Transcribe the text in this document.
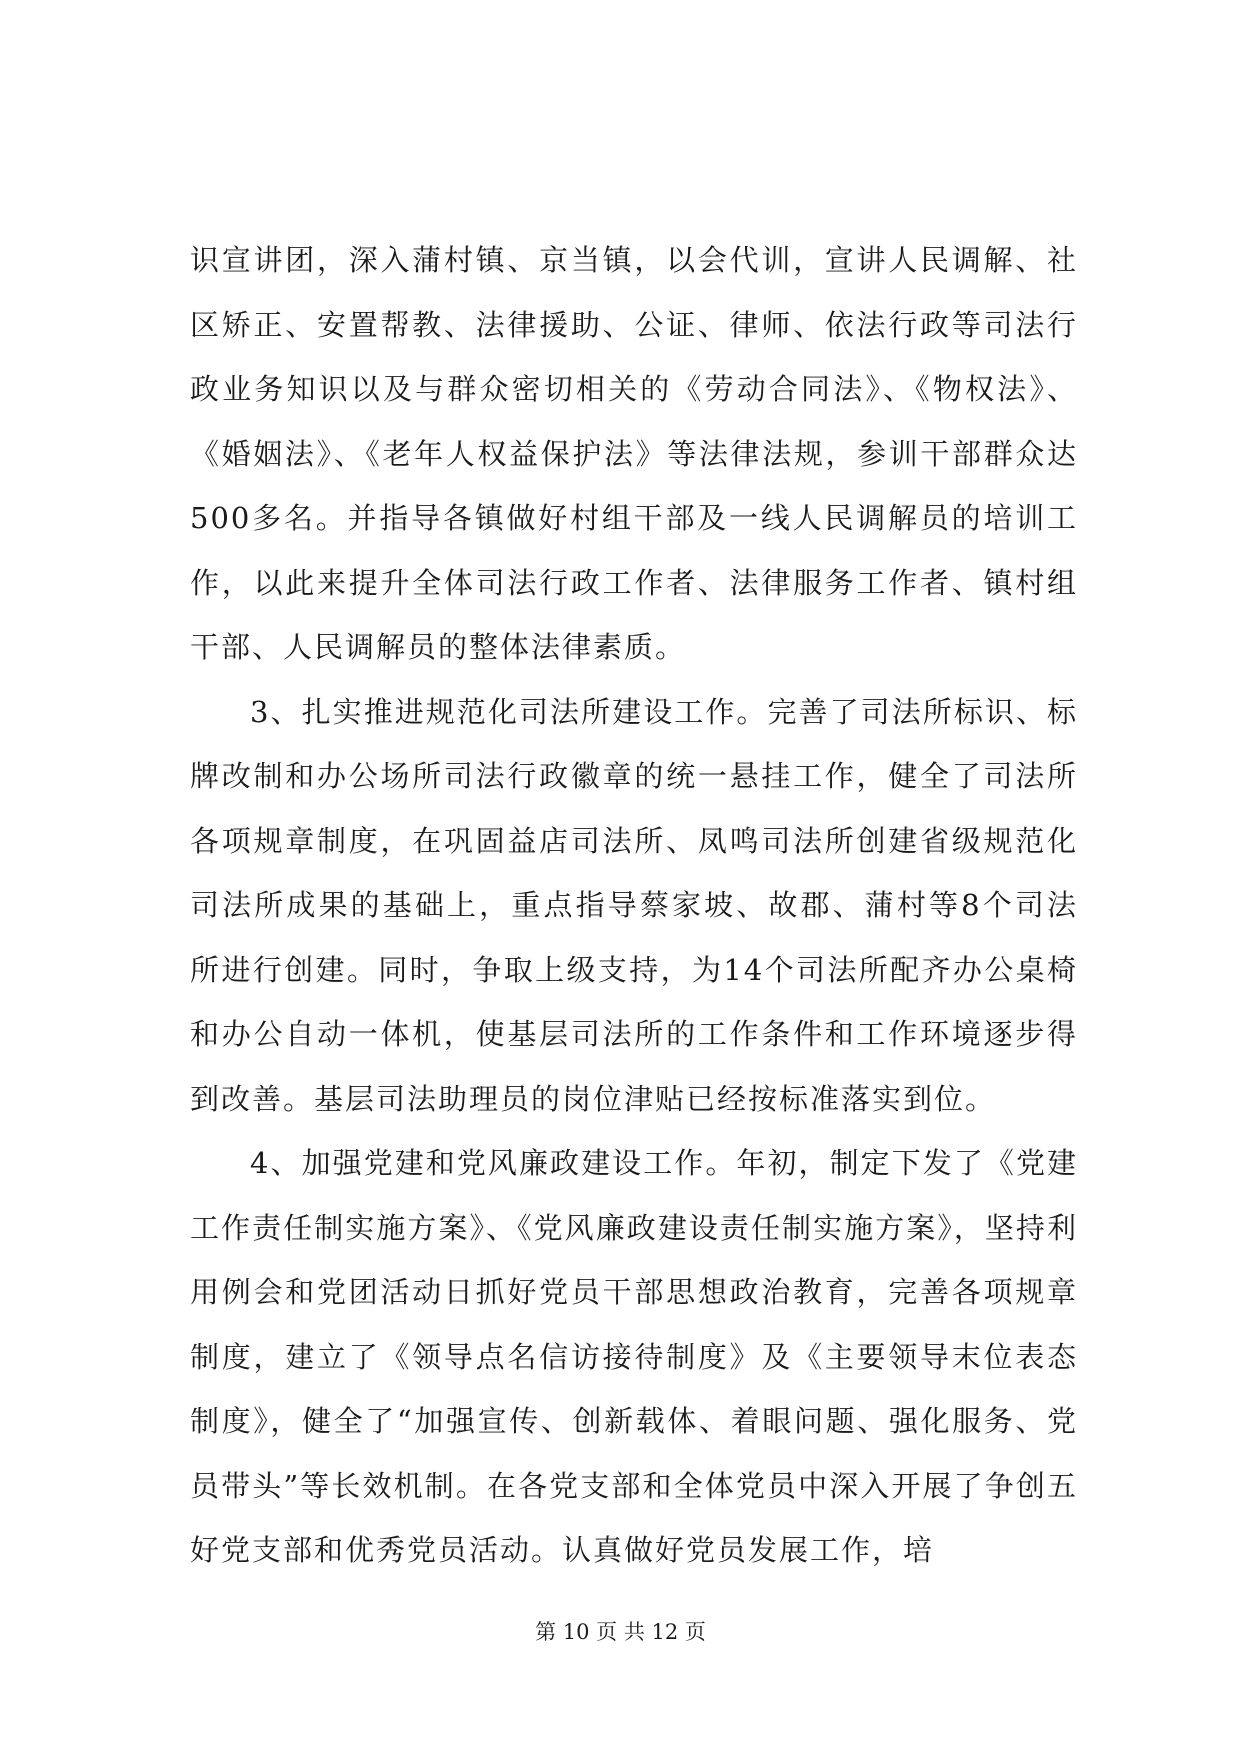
识宣讲团，深入蒲村镇、京当镇，以会代训，宣讲人民调解、社区矫正、安置帮教、法律援助、公证、律师、依法行政等司法行政业务知识以及与群众密切相关的《劳动合同法》、《物权法》、《婚姻法》、《老年人权益保护法》等法律法规，参训干部群众达500多名。并指导各镇做好村组干部及一线人民调解员的培训工作，以此来提升全体司法行政工作者、法律服务工作者、镇村组干部、人民调解员的整体法律素质。

3、扎实推进规范化司法所建设工作。完善了司法所标识、标牌改制和办公场所司法行政徽章的统一悬挂工作，健全了司法所各项规章制度，在巩固益店司法所、凤鸣司法所创建省级规范化司法所成果的基础上，重点指导蔡家坡、故郡、蒲村等8个司法所进行创建。同时，争取上级支持，为14个司法所配齐办公桌椅和办公自动一体机，使基层司法所的工作条件和工作环境逐步得到改善。基层司法助理员的岗位津贴已经按标准落实到位。

4、加强党建和党风廉政建设工作。年初，制定下发了《党建工作责任制实施方案》、《党风廉政建设责任制实施方案》，坚持利用例会和党团活动日抓好党员干部思想政治教育，完善各项规章制度，建立了《领导点名信访接待制度》及《主要领导末位表态制度》，健全了“加强宣传、创新载体、着眼问题、强化服务、党员带头”等长效机制。在各党支部和全体党员中深入开展了争创五好党支部和优秀党员活动。认真做好党员发展工作，培

第 10 页 共 12 页
